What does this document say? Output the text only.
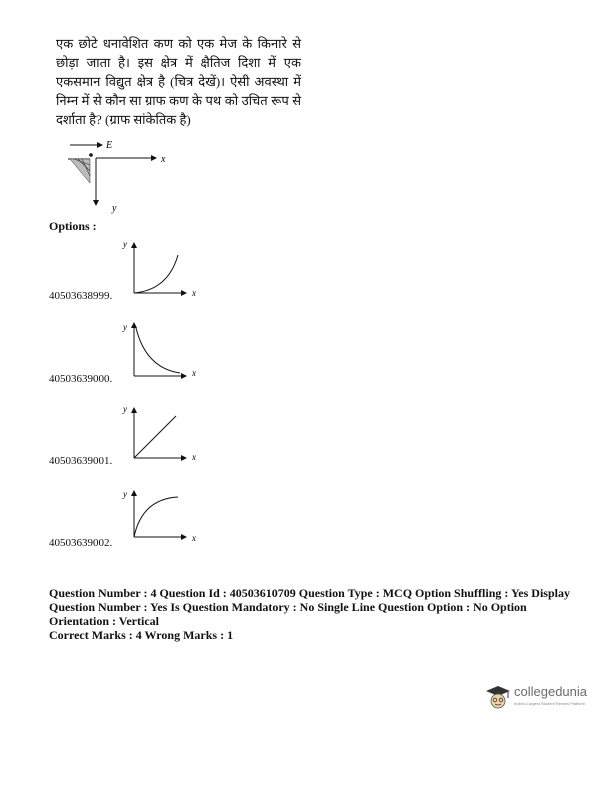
एक छोटे धनावेशित कण को एक मेज के किनारे से छोड़ा जाता है। इस क्षेत्र में क्षैतिज दिशा में एक एकसमान विद्युत क्षेत्र है (चित्र देखें)। ऐसी अवस्था में निम्न में से कौन सा ग्राफ कण के पथ को उचित रूप से दर्शाता है? (ग्राफ सांकेतिक है)
E
x
y
Options :
y
x
40503638999.
y
x
40503639000.
y
x
40503639001.
y
x
40503639002.
Question Number : 4 Question Id : 40503610709 Question Type : MCQ Option Shuffling : Yes Display
Question Number : Yes Is Question Mandatory : No Single Line Question Option : No Option
Orientation : Vertical
Correct Marks : 4 Wrong Marks : 1
collegedunia
India's Largest Student Review Platform
